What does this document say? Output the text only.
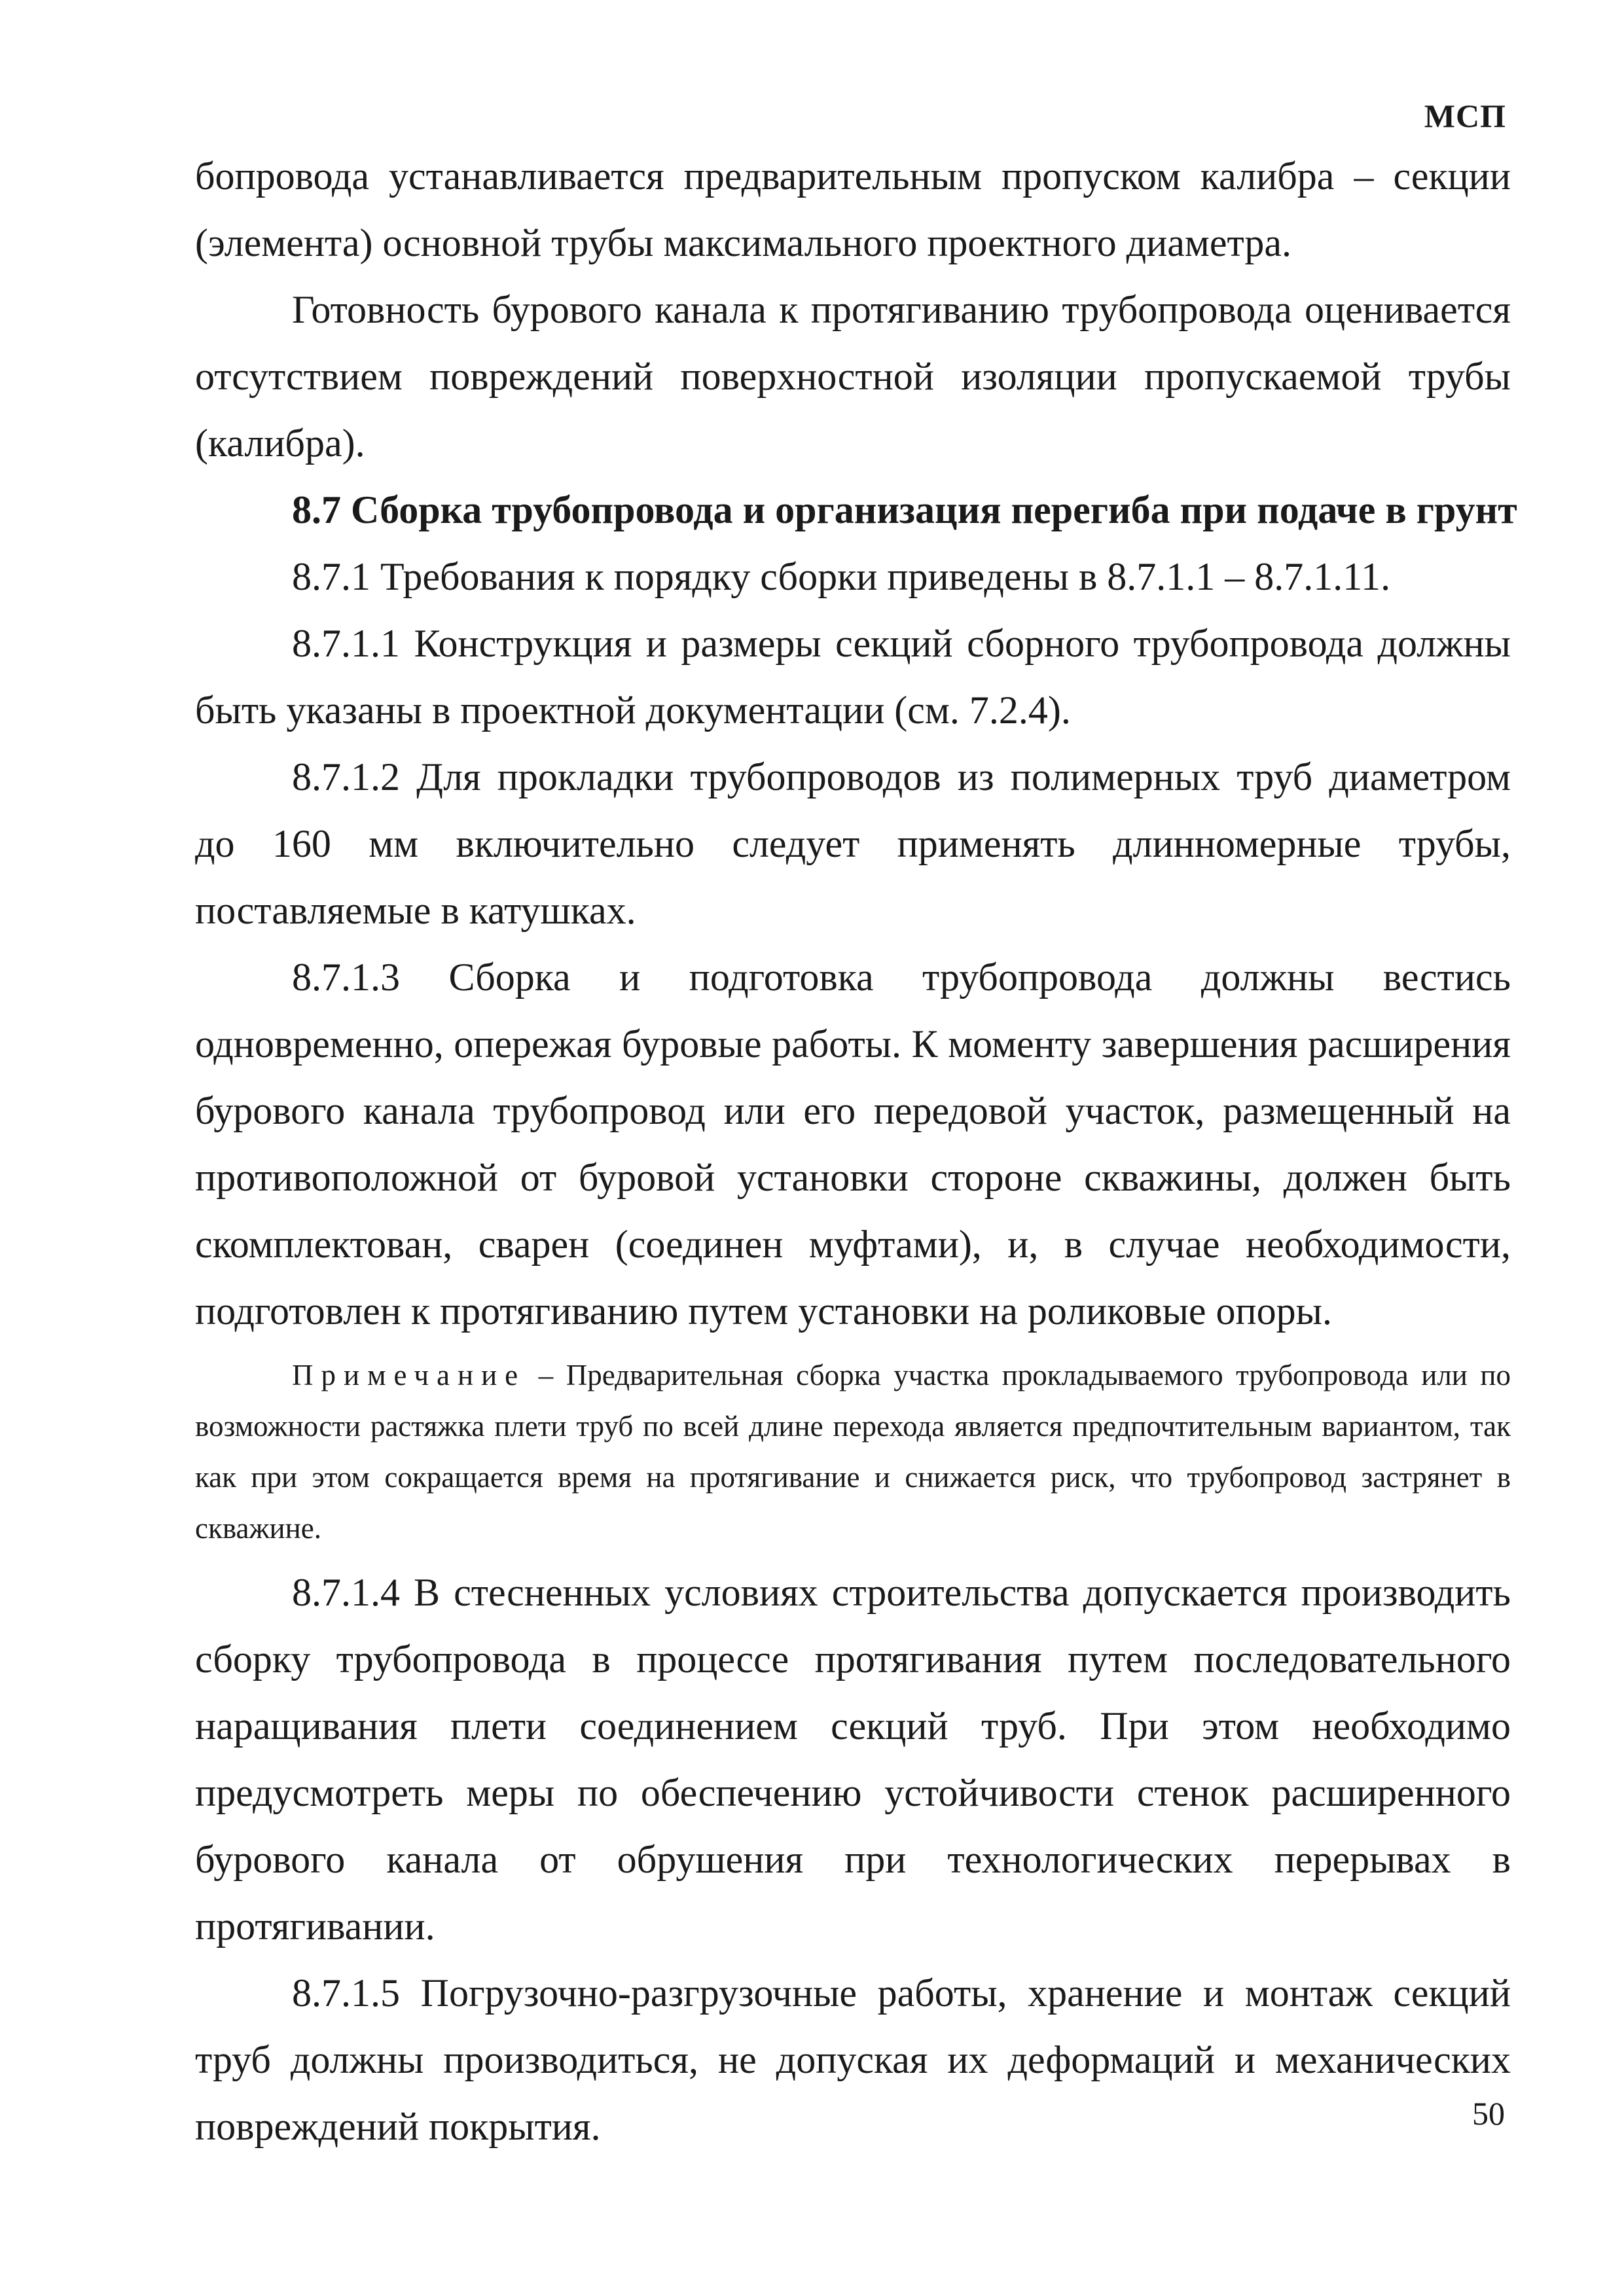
МСП

бопровода устанавливается предварительным пропуском калибра – секции (элемента) основной трубы максимального проектного диаметра.

Готовность бурового канала к протягиванию трубопровода оценивается отсутствием повреждений поверхностной изоляции пропускаемой трубы (калибра).

8.7 Сборка трубопровода и организация перегиба при подаче в грунт

8.7.1 Требования к порядку сборки приведены в 8.7.1.1 – 8.7.1.11.

8.7.1.1 Конструкция и размеры секций сборного трубопровода должны быть указаны в проектной документации (см. 7.2.4).

8.7.1.2 Для прокладки трубопроводов из полимерных труб диаметром до 160 мм включительно следует применять длинномерные трубы, поставляемые в катушках.

8.7.1.3 Сборка и подготовка трубопровода должны вестись одновременно, опережая буровые работы. К моменту завершения расширения бурового канала трубопровод или его передовой участок, размещенный на противоположной от буровой установки стороне скважины, должен быть скомплектован, сварен (соединен муфтами), и, в случае необходимости, подготовлен к протягиванию путем установки на роликовые опоры.

Примечание – Предварительная сборка участка прокладываемого трубопровода или по возможности растяжка плети труб по всей длине перехода является предпочтительным вариантом, так как при этом сокращается время на протягивание и снижается риск, что трубопровод застрянет в скважине.

8.7.1.4 В стесненных условиях строительства допускается производить сборку трубопровода в процессе протягивания путем последовательного наращивания плети соединением секций труб. При этом необходимо предусмотреть меры по обеспечению устойчивости стенок расширенного бурового канала от обрушения при технологических перерывах в протягивании.

8.7.1.5 Погрузочно-разгрузочные работы, хранение и монтаж секций труб должны производиться, не допуская их деформаций и механических повреждений покрытия.	50
